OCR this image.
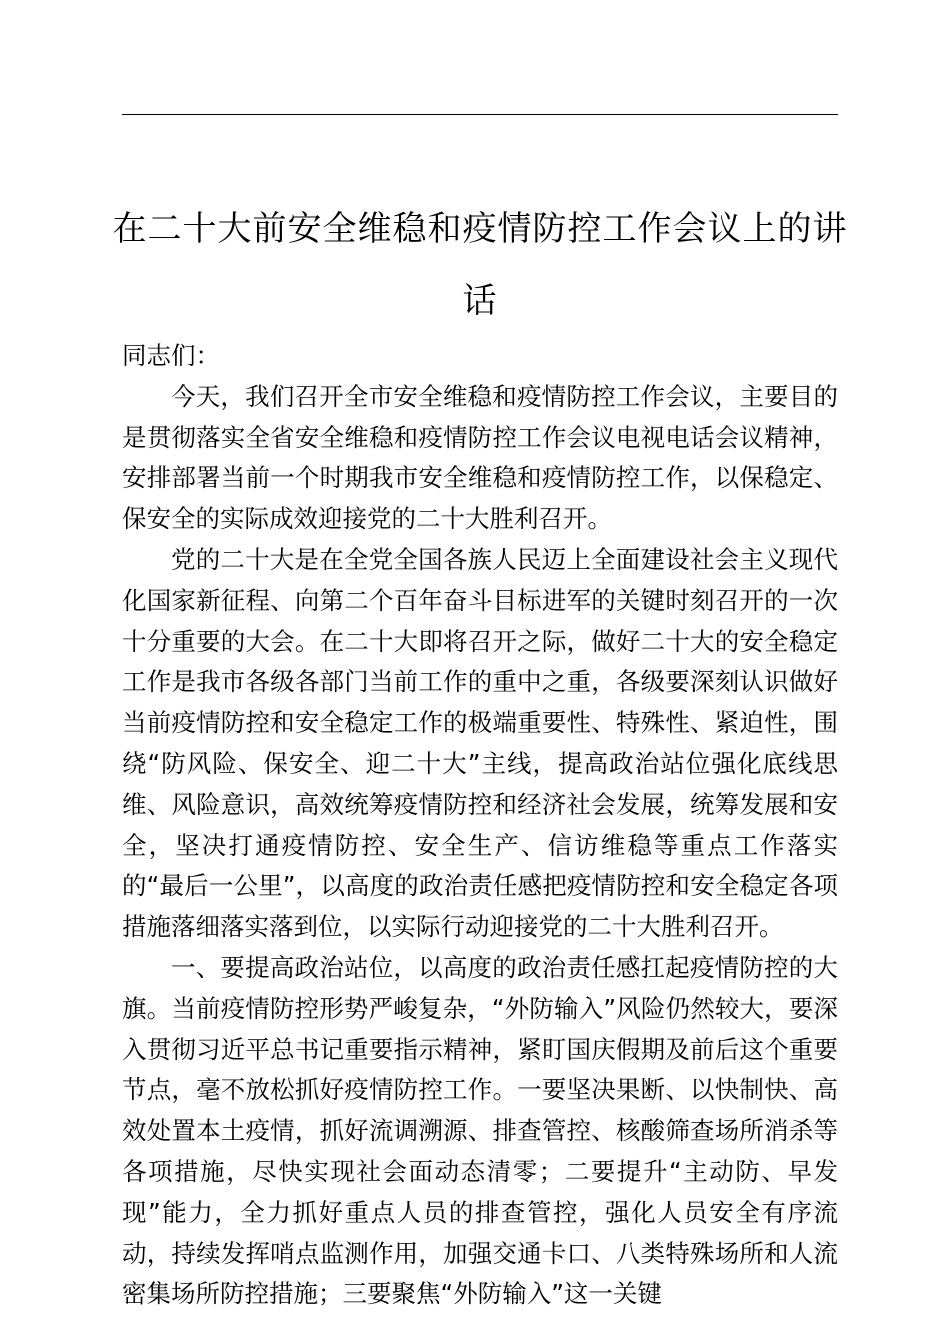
在二十大前安全维稳和疫情防控工作会议上的讲话

同志们：

今天，我们召开全市安全维稳和疫情防控工作会议，主要目的是贯彻落实全省安全维稳和疫情防控工作会议电视电话会议精神，安排部署当前一个时期我市安全维稳和疫情防控工作，以保稳定、保安全的实际成效迎接党的二十大胜利召开。

党的二十大是在全党全国各族人民迈上全面建设社会主义现代化国家新征程、向第二个百年奋斗目标进军的关键时刻召开的一次十分重要的大会。在二十大即将召开之际，做好二十大的安全稳定工作是我市各级各部门当前工作的重中之重，各级要深刻认识做好当前疫情防控和安全稳定工作的极端重要性、特殊性、紧迫性，围绕“防风险、保安全、迎二十大”主线，提高政治站位强化底线思维、风险意识，高效统筹疫情防控和经济社会发展，统筹发展和安全，坚决打通疫情防控、安全生产、信访维稳等重点工作落实的“最后一公里”，以高度的政治责任感把疫情防控和安全稳定各项措施落细落实落到位，以实际行动迎接党的二十大胜利召开。

一、要提高政治站位，以高度的政治责任感扛起疫情防控的大旗。当前疫情防控形势严峻复杂，“外防输入”风险仍然较大，要深入贯彻习近平总书记重要指示精神，紧盯国庆假期及前后这个重要节点，毫不放松抓好疫情防控工作。一要坚决果断、以快制快、高效处置本土疫情，抓好流调溯源、排查管控、核酸筛查场所消杀等各项措施，尽快实现社会面动态清零；二要提升“主动防、早发现”能力，全力抓好重点人员的排查管控，强化人员安全有序流动，持续发挥哨点监测作用，加强交通卡口、八类特殊场所和人流密集场所防控措施；三要聚焦“外防输入”这一关键
